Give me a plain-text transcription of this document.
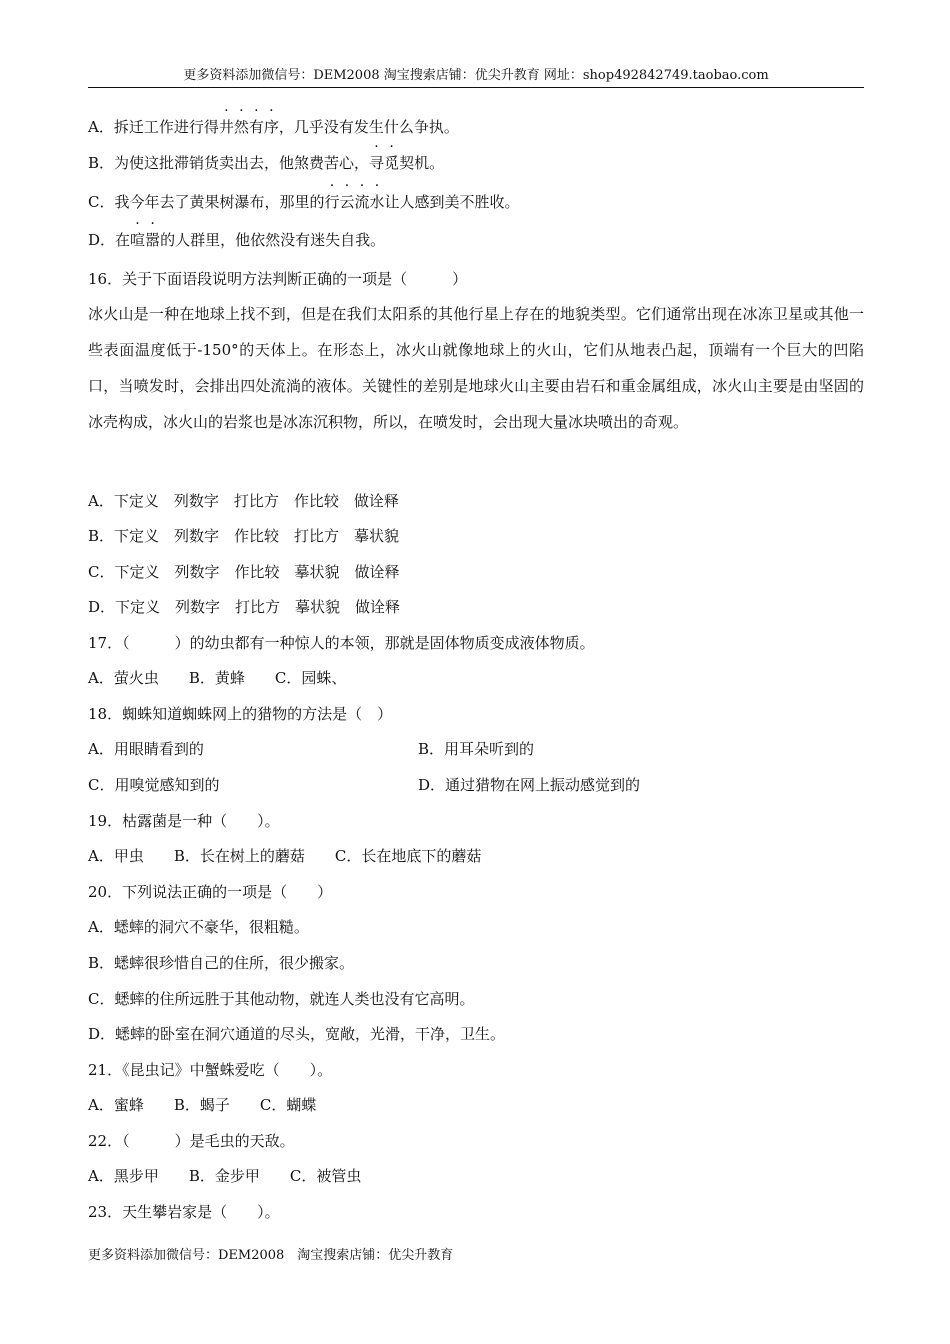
更多资料添加微信号：DEM2008 淘宝搜索店铺：优尖升教育 网址：shop492842749.taobao.com
A．拆迁工作进行得井然有序，几乎没有发生什么争执。
B．为使这批滞销货卖出去，他煞费苦心，寻觅契机。
C．我今年去了黄果树瀑布，那里的行云流水让人感到美不胜收。
D．在喧嚣的人群里，他依然没有迷失自我。
16．关于下面语段说明方法判断正确的一项是（　　　）
冰火山是一种在地球上找不到，但是在我们太阳系的其他行星上存在的地貌类型。它们通常出现在冰冻卫星或其他一些表面温度低于-150°的天体上。在形态上，冰火山就像地球上的火山，它们从地表凸起，顶端有一个巨大的凹陷口，当喷发时，会排出四处流淌的液体。关键性的差别是地球火山主要由岩石和重金属组成，冰火山主要是由坚固的冰壳构成，冰火山的岩浆也是冰冻沉积物，所以，在喷发时，会出现大量冰块喷出的奇观。
A．下定义　列数字　打比方　作比较　做诠释
B．下定义　列数字　作比较　打比方　摹状貌
C．下定义　列数字　作比较　摹状貌　做诠释
D．下定义　列数字　打比方　摹状貌　做诠释
17．（　　　）的幼虫都有一种惊人的本领，那就是固体物质变成液体物质。
A．萤火虫　　B．黄蜂　　C．园蛛、
18．蜘蛛知道蜘蛛网上的猎物的方法是（　）
A．用眼睛看到的	B．用耳朵听到的
C．用嗅觉感知到的	D．通过猎物在网上振动感觉到的
19．枯露菌是一种（　　）。
A．甲虫　　B．长在树上的蘑菇　　C．长在地底下的蘑菇
20．下列说法正确的一项是（　　）
A．蟋蟀的洞穴不豪华，很粗糙。
B．蟋蟀很珍惜自己的住所，很少搬家。
C．蟋蟀的住所远胜于其他动物，就连人类也没有它高明。
D．蟋蟀的卧室在洞穴通道的尽头，宽敞，光滑，干净，卫生。
21．《昆虫记》中蟹蛛爱吃（　　）。
A．蜜蜂　　B．蝎子　　C．蝴蝶
22．（　　　）是毛虫的天敌。
A．黑步甲　　B．金步甲　　C．被管虫
23．天生攀岩家是（　　）。
更多资料添加微信号：DEM2008　淘宝搜索店铺：优尖升教育
